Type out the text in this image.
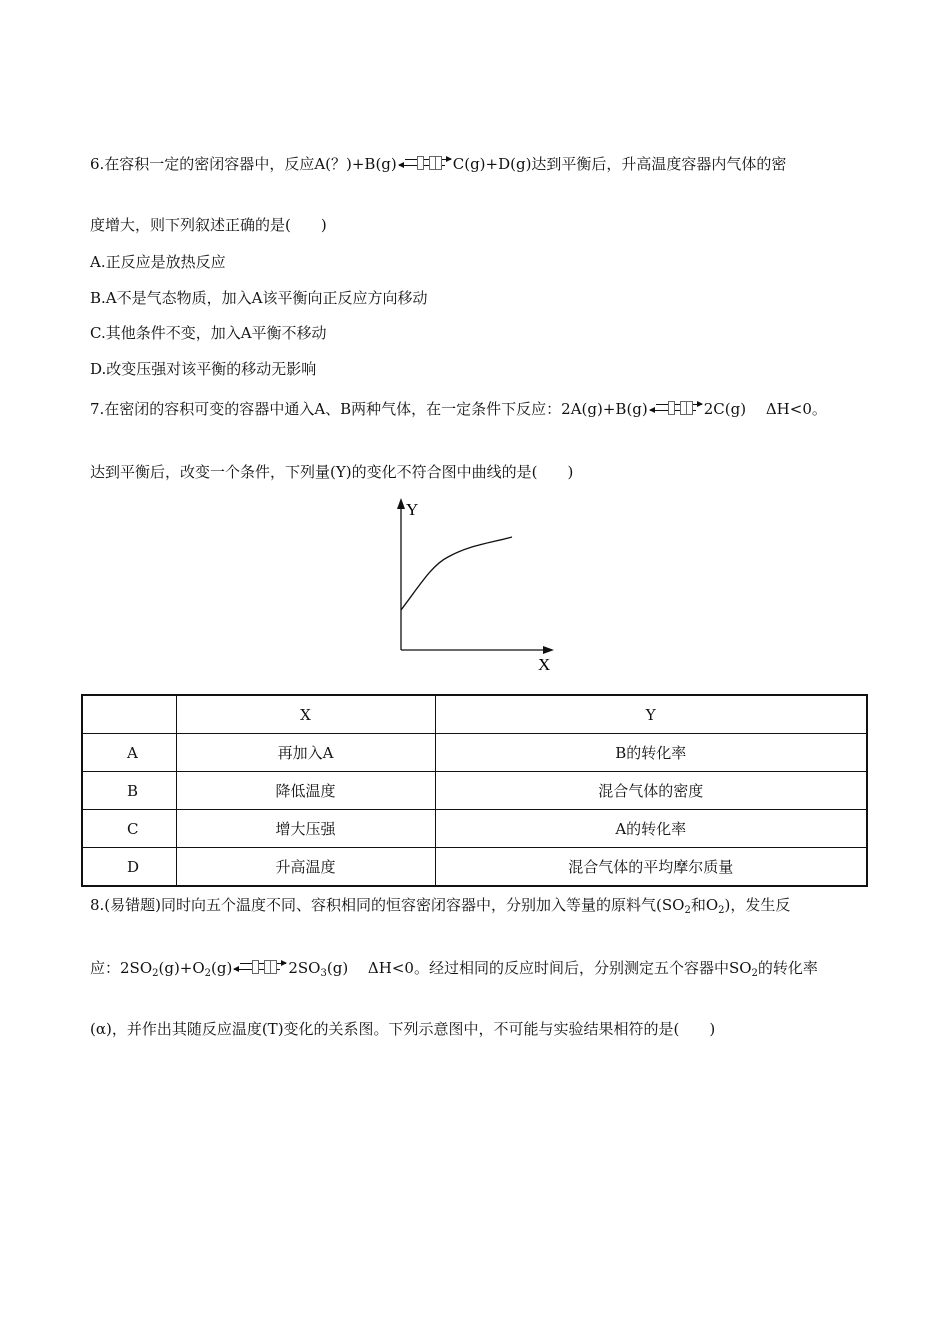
6.在容积一定的密闭容器中，反应A(？)+B(g) ⇌ C(g)+D(g)达到平衡后，升高温度容器内气体的密
度增大，则下列叙述正确的是(　　)
A.正反应是放热反应
B.A不是气态物质，加入A该平衡向正反应方向移动
C.其他条件不变，加入A平衡不移动
D.改变压强对该平衡的移动无影响
7.在密闭的容积可变的容器中通入A、B两种气体，在一定条件下反应：2A(g)+B(g) ⇌ 2C(g)　 ΔH<0。
达到平衡后，改变一个条件，下列量(Y)的变化不符合图中曲线的是(　　)
Y
X
	X	Y
A	再加入A	B的转化率
B	降低温度	混合气体的密度
C	增大压强	A的转化率
D	升高温度	混合气体的平均摩尔质量
8.(易错题)同时向五个温度不同、容积相同的恒容密闭容器中，分别加入等量的原料气($SO_2$和$O_2$)，发生反
应：$2SO_2(g)+O_2(g)$ ⇌ $2SO_3(g)$　 ΔH<0。经过相同的反应时间后，分别测定五个容器中$SO_2$的转化率
(α)，并作出其随反应温度(T)变化的关系图。下列示意图中，不可能与实验结果相符的是(　　)
